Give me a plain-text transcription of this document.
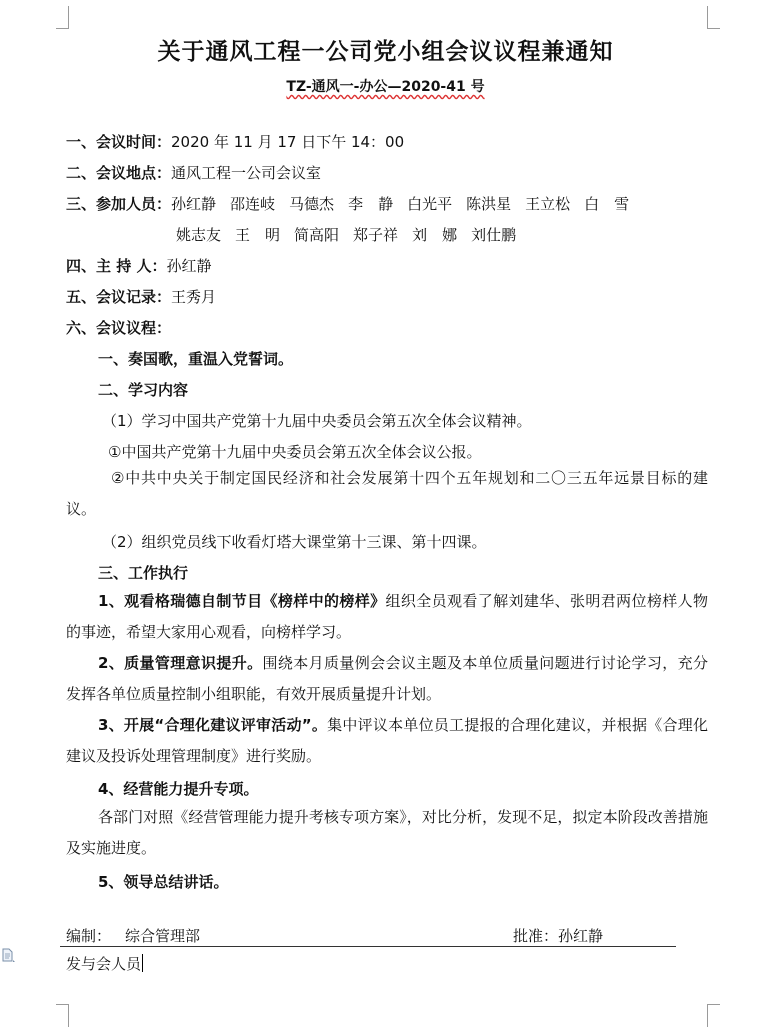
关于通风工程一公司党小组会议议程兼通知
TZ-通风一-办公—2020-41 号
一、会议时间：2020 年 11 月 17 日下午 14：00
二、会议地点：通风工程一公司会议室
三、参加人员：孙红静 邵连岐 马德杰 李　静 白光平 陈洪星 王立松 白　雪
姚志友 王　明 简高阳 郑子祥 刘　娜 刘仕鹏
四、主 持 人：孙红静
五、会议记录：王秀月
六、会议议程：
一、奏国歌，重温入党誓词。
二、学习内容
（1）学习中国共产党第十九届中央委员会第五次全体会议精神。
①中国共产党第十九届中央委员会第五次全体会议公报。
②中共中央关于制定国民经济和社会发展第十四个五年规划和二〇三五年远景目标的建议。
（2）组织党员线下收看灯塔大课堂第十三课、第十四课。
三、工作执行
1、观看格瑞德自制节目《榜样中的榜样》组织全员观看了解刘建华、张明君两位榜样人物的事迹，希望大家用心观看，向榜样学习。
2、质量管理意识提升。围绕本月质量例会会议主题及本单位质量问题进行讨论学习，充分发挥各单位质量控制小组职能，有效开展质量提升计划。
3、开展“合理化建议评审活动”。集中评议本单位员工提报的合理化建议，并根据《合理化建议及投诉处理管理制度》进行奖励。
4、经营能力提升专项。
各部门对照《经营管理能力提升考核专项方案》，对比分析，发现不足，拟定本阶段改善措施及实施进度。
5、领导总结讲话。
编制： 综合管理部	批准：孙红静
发与会人员
